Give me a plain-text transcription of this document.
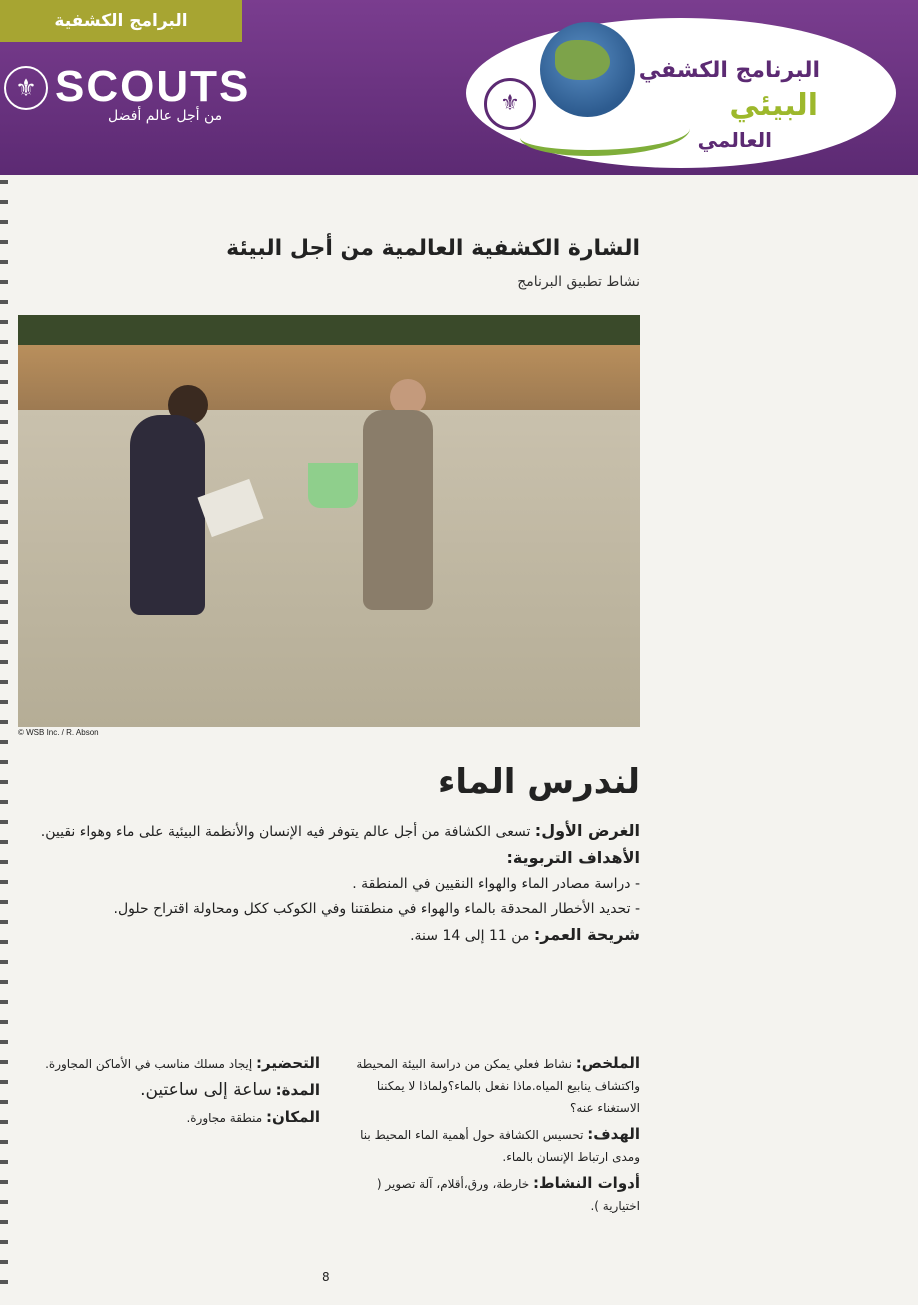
البرامج الكشفية
⚜ SCOUTS
من أجل عالم أفضل	⚜
البرنامج الكشفي
البيئي
العالمي
الشارة الكشفية العالمية من أجل البيئة
نشاط تطبيق البرنامج
© WSB Inc. / R. Abson
لندرس الماء

الغرض الأول: تسعى الكشافة من أجل عالم يتوفر فيه الإنسان والأنظمة البيئية على ماء وهواء نقيين.

الأهداف التربوية:

- دراسة مصادر الماء والهواء النقيين في المنطقة .

- تحديد الأخطار المحدقة بالماء والهواء في منطقتنا وفي الكوكب ككل ومحاولة اقتراح حلول.

شريحة العمر: من 11 إلى 14 سنة.

الملخص: نشاط فعلي يمكن من دراسة البيئة المحيطة واكتشاف ينابيع المياه.ماذا نفعل بالماء؟ولماذا لا يمكننا الاستغناء عنه؟

الهدف: تحسيس الكشافة حول أهمية الماء المحيط بنا ومدى ارتباط الإنسان بالماء.

أدوات النشاط: خارطة، ورق،أقلام، آلة تصوير ( اختيارية ).

التحضير: إيجاد مسلك مناسب في الأماكن المجاورة.

المدة: ساعة إلى ساعتين.

المكان: منطقة مجاورة.

8
